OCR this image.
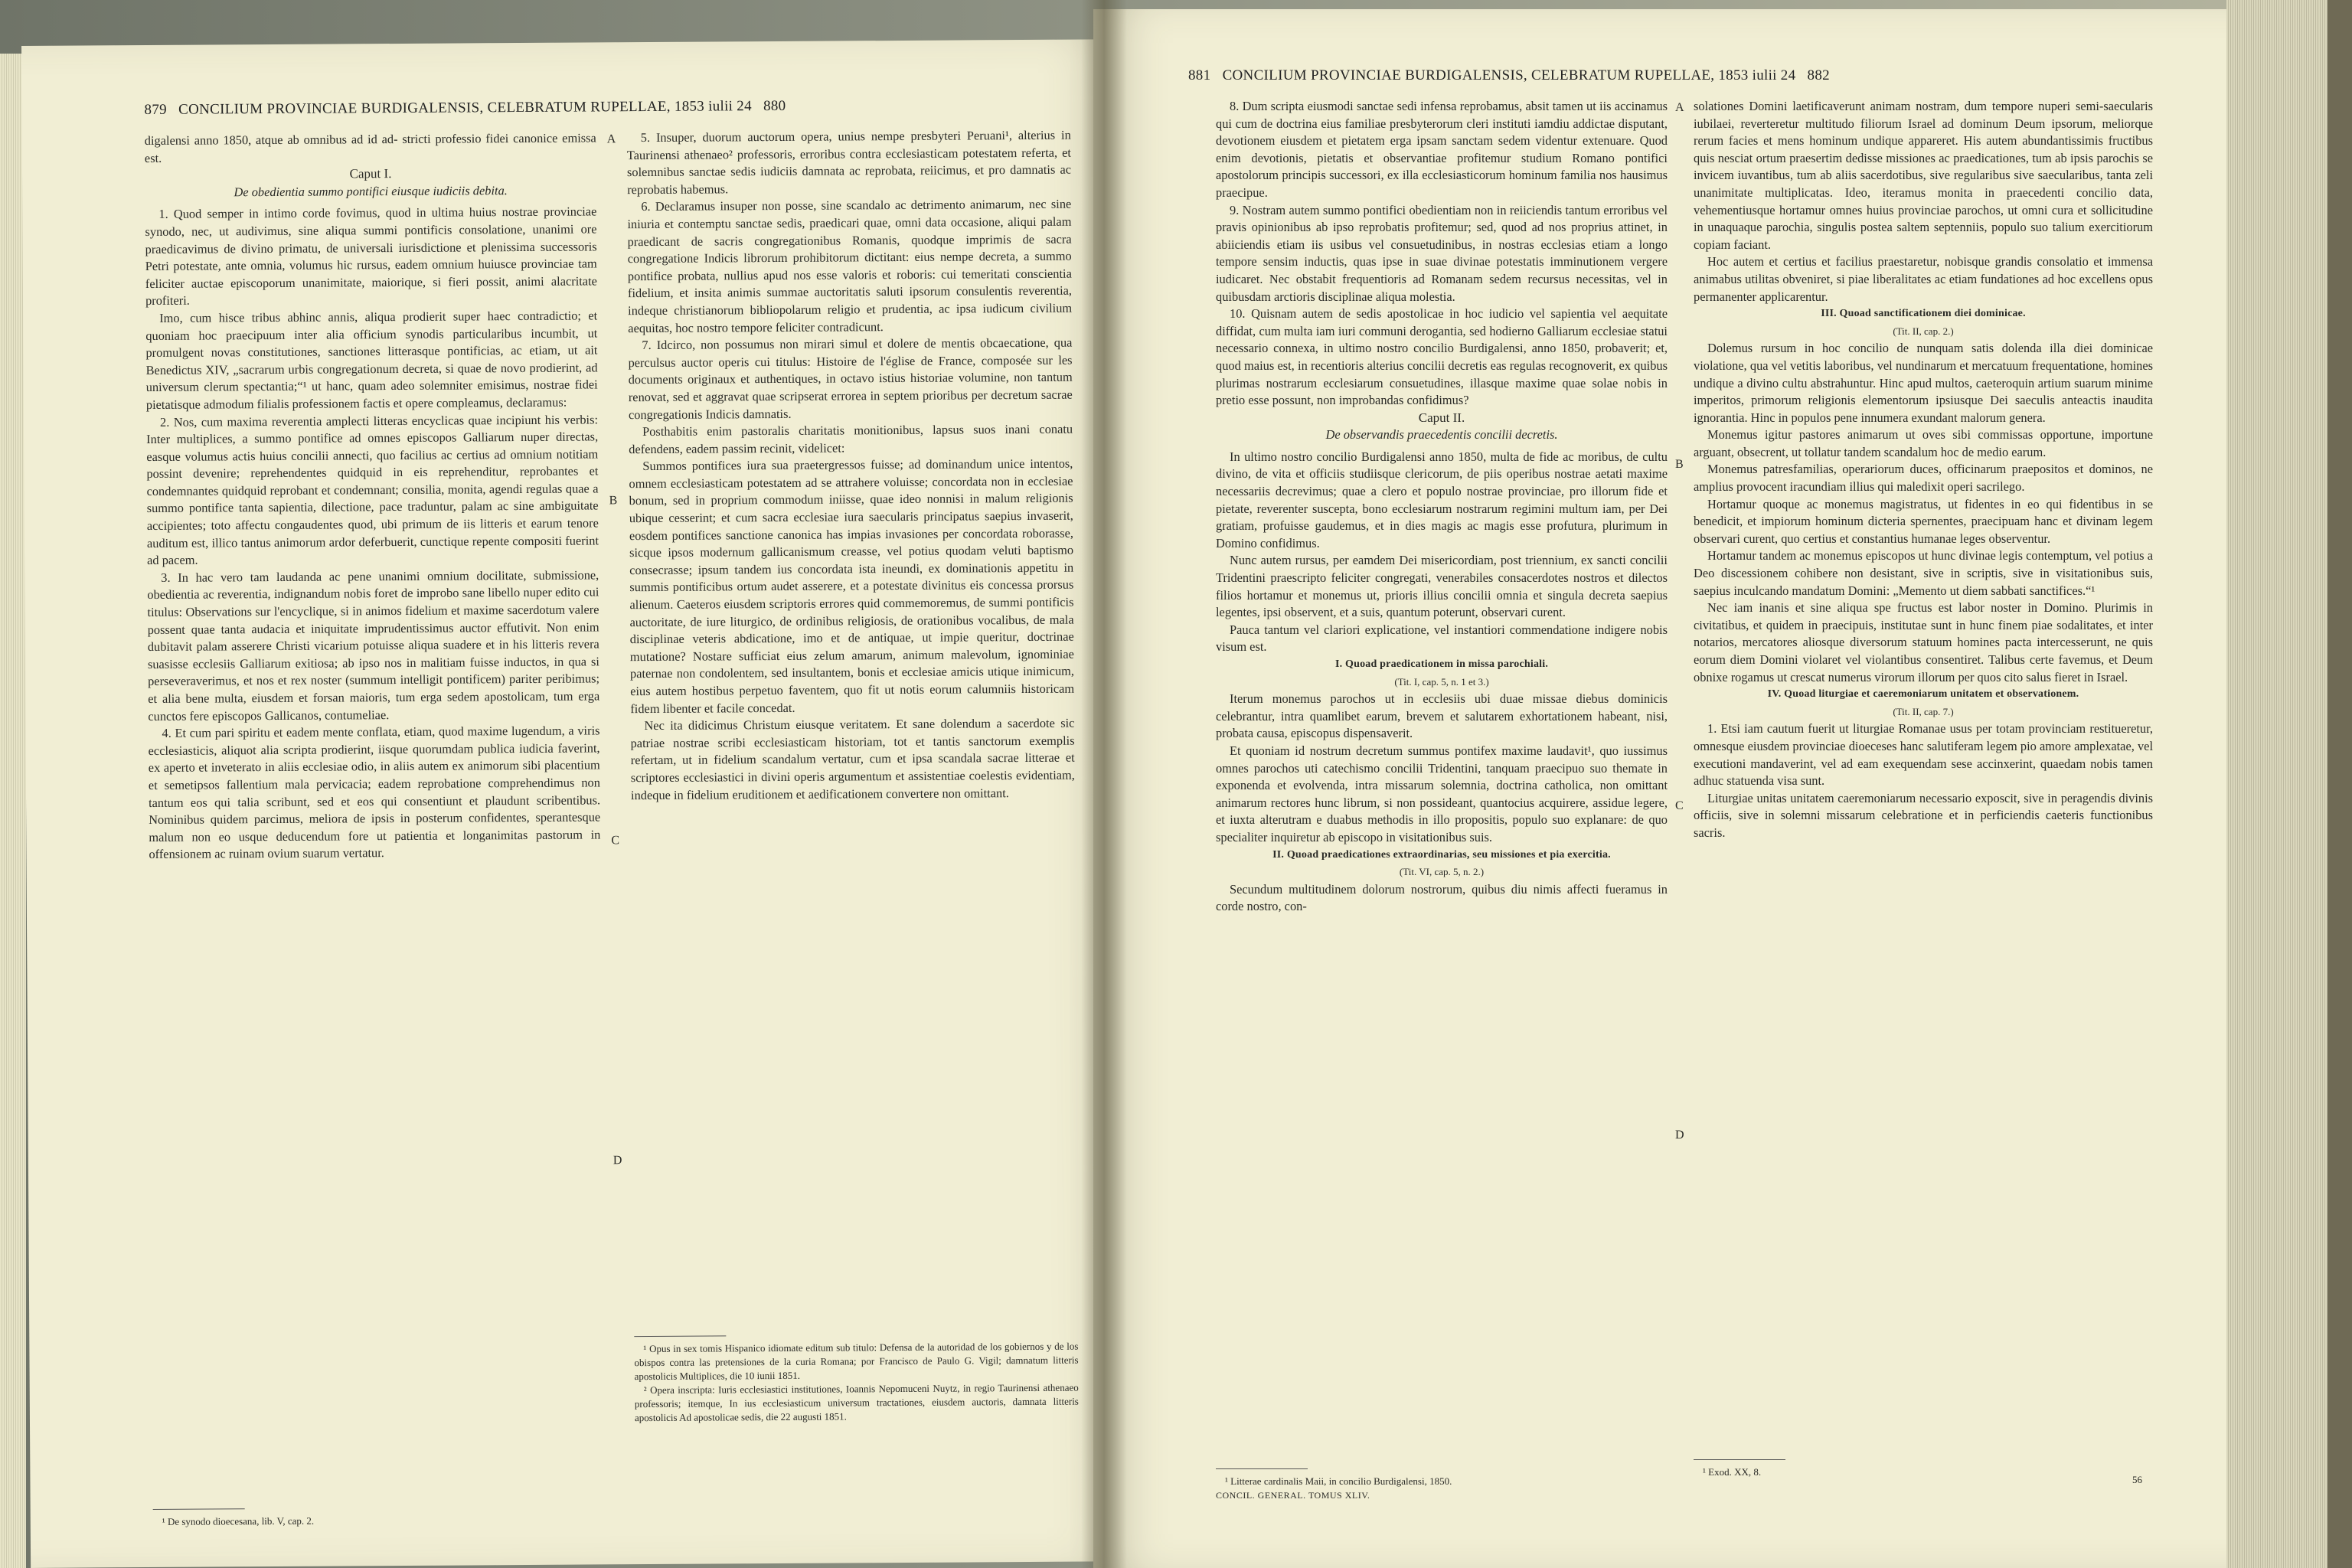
879 CONCILIUM PROVINCIAE BURDIGALENSIS, CELEBRATUM RUPELLAE, 1853 iulii 24 880

digalensi anno 1850, atque ab omnibus ad id ad- stricti professio fidei canonice emissa est.

Caput I.

De obedientia summo pontifici eiusque iudiciis debita.

1. Quod semper in intimo corde fovimus, quod in ultima huius nostrae provinciae synodo, nec, ut audivimus, sine aliqua summi pontificis consolatione, unanimi ore praedicavimus de divino primatu, de universali iurisdictione et plenissima successoris Petri potestate, ante omnia, volumus hic rursus, eadem omnium huiusce provinciae tam feliciter auctae episcoporum unanimitate, maiorique, si fieri possit, animi alacritate profiteri.

Imo, cum hisce tribus abhinc annis, aliqua prodierit super haec contradictio; et quoniam hoc praecipuum inter alia officium synodis particularibus incumbit, ut promulgent novas constitutiones, sanctiones litterasque pontificias, ac etiam, ut ait Benedictus XIV, „sacrarum urbis congregationum decreta, si quae de novo prodierint, ad universum clerum spectantia;“¹ ut hanc, quam adeo solemniter emisimus, nostrae fidei pietatisque admodum filialis professionem factis et opere compleamus, declaramus:

2. Nos, cum maxima reverentia amplecti litteras encyclicas quae incipiunt his verbis: Inter multiplices, a summo pontifice ad omnes episcopos Galliarum nuper directas, easque volumus actis huius concilii annecti, quo facilius ac certius ad omnium notitiam possint devenire; reprehendentes quidquid in eis reprehenditur, reprobantes et condemnantes quidquid reprobant et condemnant; consilia, monita, agendi regulas quae a summo pontifice tanta sapientia, dilectione, pace traduntur, palam ac sine ambiguitate accipientes; toto affectu congaudentes quod, ubi primum de iis litteris et earum tenore auditum est, illico tantus animorum ardor deferbuerit, cunctique repente compositi fuerint ad pacem.

3. In hac vero tam laudanda ac pene unanimi omnium docilitate, submissione, obedientia ac reverentia, indignandum nobis foret de improbo sane libello nuper edito cui titulus: Observations sur l'encyclique, si in animos fidelium et maxime sacerdotum valere possent quae tanta audacia et iniquitate imprudentissimus auctor effutivit. Non enim dubitavit palam asserere Christi vicarium potuisse aliqua suadere et in his litteris revera suasisse ecclesiis Galliarum exitiosa; ab ipso nos in malitiam fuisse inductos, in qua si perseveraverimus, et nos et rex noster (summum intelligit pontificem) pariter peribimus; et alia bene multa, eiusdem et forsan maioris, tum erga sedem apostolicam, tum erga cunctos fere episcopos Gallicanos, contumeliae.

4. Et cum pari spiritu et eadem mente conflata, etiam, quod maxime lugendum, a viris ecclesiasticis, aliquot alia scripta prodierint, iisque quorumdam publica iudicia faverint, ex aperto et inveterato in aliis ecclesiae odio, in aliis autem ex animorum sibi placentium et semetipsos fallentium mala pervicacia; eadem reprobatione comprehendimus non tantum eos qui talia scribunt, sed et eos qui consentiunt et plaudunt scribentibus. Nominibus quidem parcimus, meliora de ipsis in posterum confidentes, sperantesque malum non eo usque deducendum fore ut patientia et longanimitas pastorum in offensionem ac ruinam ovium suarum vertatur.

¹ De synodo dioecesana, lib. V, cap. 2.

A
B
C
D

5. Insuper, duorum auctorum opera, unius nempe presbyteri Peruani¹, alterius in Taurinensi athenaeo² professoris, erroribus contra ecclesiasticam potestatem referta, et solemnibus sanctae sedis iudiciis damnata ac reprobata, reiicimus, et pro damnatis ac reprobatis habemus.

6. Declaramus insuper non posse, sine scandalo ac detrimento animarum, nec sine iniuria et contemptu sanctae sedis, praedicari quae, omni data occasione, aliqui palam praedicant de sacris congregationibus Romanis, quodque imprimis de sacra congregatione Indicis librorum prohibitorum dictitant: eius nempe decreta, a summo pontifice probata, nullius apud nos esse valoris et roboris: cui temeritati conscientia fidelium, et insita animis summae auctoritatis saluti ipsorum consulentis reverentia, indeque christianorum bibliopolarum religio et prudentia, ac ipsa iudicum civilium aequitas, hoc nostro tempore feliciter contradicunt.

7. Idcirco, non possumus non mirari simul et dolere de mentis obcaecatione, qua perculsus auctor operis cui titulus: Histoire de l'église de France, composée sur les documents originaux et authentiques, in octavo istius historiae volumine, non tantum renovat, sed et aggravat quae scripserat errorea in septem prioribus per decretum sacrae congregationis Indicis damnatis.

Posthabitis enim pastoralis charitatis monitionibus, lapsus suos inani conatu defendens, eadem passim recinit, videlicet:

Summos pontifices iura sua praetergressos fuisse; ad dominandum unice intentos, omnem ecclesiasticam potestatem ad se attrahere voluisse; concordata non in ecclesiae bonum, sed in proprium commodum iniisse, quae ideo nonnisi in malum religionis ubique cesserint; et cum sacra ecclesiae iura saecularis principatus saepius invaserit, eosdem pontifices sanctione canonica has impias invasiones per concordata roborasse, sicque ipsos modernum gallicanismum creasse, vel potius quodam veluti baptismo consecrasse; ipsum tandem ius concordata ista ineundi, ex dominationis appetitu in summis pontificibus ortum audet asserere, et a potestate divinitus eis concessa prorsus alienum. Caeteros eiusdem scriptoris errores quid commemoremus, de summi pontificis auctoritate, de iure liturgico, de ordinibus religiosis, de orationibus vocalibus, de mala disciplinae veteris abdicatione, imo et de antiquae, ut impie queritur, doctrinae mutatione? Nostare sufficiat eius zelum amarum, animum malevolum, ignominiae paternae non condolentem, sed insultantem, bonis et ecclesiae amicis utique inimicum, eius autem hostibus perpetuo faventem, quo fit ut notis eorum calumniis historicam fidem libenter et facile concedat.

Nec ita didicimus Christum eiusque veritatem. Et sane dolendum a sacerdote sic patriae nostrae scribi ecclesiasticam historiam, tot et tantis sanctorum exemplis refertam, ut in fidelium scandalum vertatur, cum et ipsa scandala sacrae litterae et scriptores ecclesiastici in divini operis argumentum et assistentiae coelestis evidentiam, indeque in fidelium eruditionem et aedificationem convertere non omittant.

¹ Opus in sex tomis Hispanico idiomate editum sub titulo: Defensa de la autoridad de los gobiernos y de los obispos contra las pretensiones de la curia Romana; por Francisco de Paulo G. Vigil; damnatum litteris apostolicis Multiplices, die 10 iunii 1851.

² Opera inscripta: Iuris ecclesiastici institutiones, Ioannis Nepomuceni Nuytz, in regio Taurinensi athenaeo professoris; itemque, In ius ecclesiasticum universum tractationes, eiusdem auctoris, damnata litteris apostolicis Ad apostolicae sedis, die 22 augusti 1851.

881 CONCILIUM PROVINCIAE BURDIGALENSIS, CELEBRATUM RUPELLAE, 1853 iulii 24 882

8. Dum scripta eiusmodi sanctae sedi infensa reprobamus, absit tamen ut iis accinamus qui cum de doctrina eius familiae presbyterorum cleri instituti iamdiu addictae disputant, devotionem eiusdem et pietatem erga ipsam sanctam sedem videntur extenuare. Quod enim devotionis, pietatis et observantiae profitemur studium Romano pontifici apostolorum principis successori, ex illa ecclesiasticorum hominum familia nos hausimus praecipue.

9. Nostram autem summo pontifici obedientiam non in reiiciendis tantum erroribus vel pravis opinionibus ab ipso reprobatis profitemur; sed, quod ad nos proprius attinet, in abiiciendis etiam iis usibus vel consuetudinibus, in nostras ecclesias etiam a longo tempore sensim inductis, quas ipse in suae divinae potestatis imminutionem vergere iudicaret. Nec obstabit frequentioris ad Romanam sedem recursus necessitas, vel in quibusdam arctioris disciplinae aliqua molestia.

10. Quisnam autem de sedis apostolicae in hoc iudicio vel sapientia vel aequitate diffidat, cum multa iam iuri communi derogantia, sed hodierno Galliarum ecclesiae statui necessario connexa, in ultimo nostro concilio Burdigalensi, anno 1850, probaverit; et, quod maius est, in recentioris alterius concilii decretis eas regulas recognoverit, ex quibus plurimas nostrarum ecclesiarum consuetudines, illasque maxime quae solae nobis in pretio esse possunt, non improbandas confidimus?

Caput II.

De observandis praecedentis concilii decretis.

In ultimo nostro concilio Burdigalensi anno 1850, multa de fide ac moribus, de cultu divino, de vita et officiis studiisque clericorum, de piis operibus nostrae aetati maxime necessariis decrevimus; quae a clero et populo nostrae provinciae, pro illorum fide et pietate, reverenter suscepta, bono ecclesiarum nostrarum regimini multum iam, per Dei gratiam, profuisse gaudemus, et in dies magis ac magis esse profutura, plurimum in Domino confidimus.

Nunc autem rursus, per eamdem Dei misericordiam, post triennium, ex sancti concilii Tridentini praescripto feliciter congregati, venerabiles consacerdotes nostros et dilectos filios hortamur et monemus ut, prioris illius concilii omnia et singula decreta saepius legentes, ipsi observent, et a suis, quantum poterunt, observari curent.

Pauca tantum vel clariori explicatione, vel instantiori commendatione indigere nobis visum est.

I. Quoad praedicationem in missa parochiali.

(Tit. I, cap. 5, n. 1 et 3.)

Iterum monemus parochos ut in ecclesiis ubi duae missae diebus dominicis celebrantur, intra quamlibet earum, brevem et salutarem exhortationem habeant, nisi, probata causa, episcopus dispensaverit.

Et quoniam id nostrum decretum summus pontifex maxime laudavit¹, quo iussimus omnes parochos uti catechismo concilii Tridentini, tanquam praecipuo suo themate in exponenda et evolvenda, intra missarum solemnia, doctrina catholica, non omittant animarum rectores hunc librum, si non possideant, quantocius acquirere, assidue legere, et iuxta alterutram e duabus methodis in illo propositis, populo suo explanare: de quo specialiter inquiretur ab episcopo in visitationibus suis.

II. Quoad praedicationes extraordinarias, seu missiones et pia exercitia.

(Tit. VI, cap. 5, n. 2.)

Secundum multitudinem dolorum nostrorum, quibus diu nimis affecti fueramus in corde nostro, con-

¹ Litterae cardinalis Maii, in concilio Burdigalensi, 1850.

CONCIL. GENERAL. TOMUS XLIV.

A
B
C
D

solationes Domini laetificaverunt animam nostram, dum tempore nuperi semi-saecularis iubilaei, reverteretur multitudo filiorum Israel ad dominum Deum ipsorum, meliorque rerum facies et mens hominum undique appareret. His autem abundantissimis fructibus quis nesciat ortum praesertim dedisse missiones ac praedicationes, tum ab ipsis parochis se invicem iuvantibus, tum ab aliis sacerdotibus, sive regularibus sive saecularibus, tanta zeli unanimitate multiplicatas. Ideo, iteramus monita in praecedenti concilio data, vehementiusque hortamur omnes huius provinciae parochos, ut omni cura et sollicitudine in unaquaque parochia, singulis postea saltem septenniis, populo suo talium exercitiorum copiam faciant.

Hoc autem et certius et facilius praestaretur, nobisque grandis consolatio et immensa animabus utilitas obveniret, si piae liberalitates ac etiam fundationes ad hoc excellens opus permanenter applicarentur.

III. Quoad sanctificationem diei dominicae.

(Tit. II, cap. 2.)

Dolemus rursum in hoc concilio de nunquam satis dolenda illa diei dominicae violatione, qua vel vetitis laboribus, vel nundinarum et mercatuum frequentatione, homines undique a divino cultu abstrahuntur. Hinc apud multos, caeteroquin artium suarum minime imperitos, primorum religionis elementorum ipsiusque Dei saeculis anteactis inaudita ignorantia. Hinc in populos pene innumera exundant malorum genera.

Monemus igitur pastores animarum ut oves sibi commissas opportune, importune arguant, obsecrent, ut tollatur tandem scandalum hoc de medio earum.

Monemus patresfamilias, operariorum duces, officinarum praepositos et dominos, ne amplius provocent iracundiam illius qui maledixit operi sacrilego.

Hortamur quoque ac monemus magistratus, ut fidentes in eo qui fidentibus in se benedicit, et impiorum hominum dicteria spernentes, praecipuam hanc et divinam legem observari curent, quo certius et constantius humanae leges observentur.

Hortamur tandem ac monemus episcopos ut hunc divinae legis contemptum, vel potius a Deo discessionem cohibere non desistant, sive in scriptis, sive in visitationibus suis, saepius inculcando mandatum Domini: „Memento ut diem sabbati sanctifices.“¹

Nec iam inanis et sine aliqua spe fructus est labor noster in Domino. Plurimis in civitatibus, et quidem in praecipuis, institutae sunt in hunc finem piae sodalitates, et inter notarios, mercatores aliosque diversorum statuum homines pacta intercesserunt, ne quis eorum diem Domini violaret vel violantibus consentiret. Talibus certe favemus, et Deum obnixe rogamus ut crescat numerus virorum illorum per quos cito salus fieret in Israel.

IV. Quoad liturgiae et caeremoniarum unitatem et observationem.

(Tit. II, cap. 7.)

1. Etsi iam cautum fuerit ut liturgiae Romanae usus per totam provinciam restitueretur, omnesque eiusdem provinciae dioeceses hanc salutiferam legem pio amore amplexatae, vel executioni mandaverint, vel ad eam exequendam sese accinxerint, quaedam nobis tamen adhuc statuenda visa sunt.

Liturgiae unitas unitatem caeremoniarum necessario exposcit, sive in peragendis divinis officiis, sive in solemni missarum celebratione et in perficiendis caeteris functionibus sacris.

¹ Exod. XX, 8.

56
